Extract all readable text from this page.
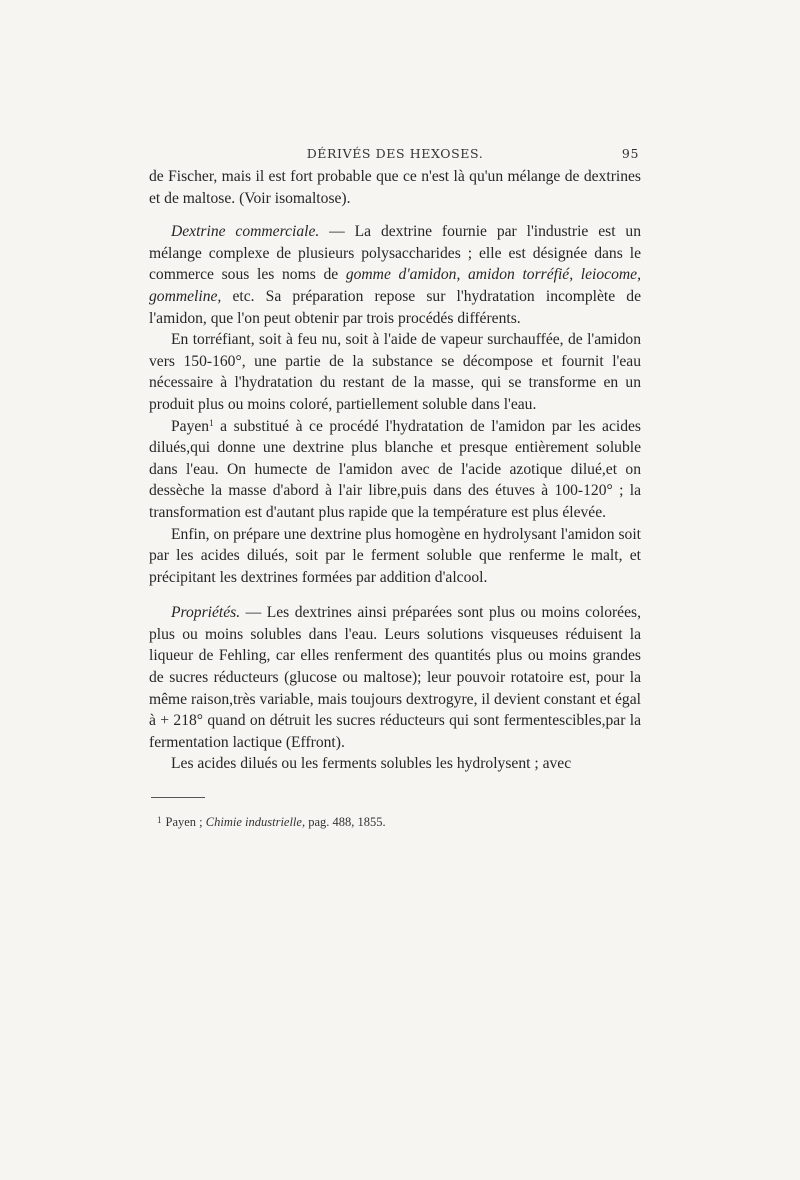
DÉRIVÉS DES HEXOSES.	95

de Fischer, mais il est fort probable que ce n'est là qu'un mélange de dextrines et de maltose. (Voir isomaltose).

Dextrine commerciale. — La dextrine fournie par l'industrie est un mélange complexe de plusieurs polysaccharides ; elle est désignée dans le commerce sous les noms de gomme d'amidon, amidon torréfié, leiocome, gommeline, etc. Sa préparation repose sur l'hydratation incomplète de l'amidon, que l'on peut obtenir par trois procédés différents.

En torréfiant, soit à feu nu, soit à l'aide de vapeur surchauffée, de l'amidon vers 150-160°, une partie de la substance se décompose et fournit l'eau nécessaire à l'hydratation du restant de la masse, qui se transforme en un produit plus ou moins coloré, partiellement soluble dans l'eau.

Payen$^1$ a substitué à ce procédé l'hydratation de l'amidon par les acides dilués,qui donne une dextrine plus blanche et presque entièrement soluble dans l'eau. On humecte de l'amidon avec de l'acide azotique dilué,et on dessèche la masse d'abord à l'air libre,puis dans des étuves à 100-120° ; la transformation est d'autant plus rapide que la température est plus élevée.

Enfin, on prépare une dextrine plus homogène en hydrolysant l'amidon soit par les acides dilués, soit par le ferment soluble que renferme le malt, et précipitant les dextrines formées par addition d'alcool.

Propriétés. — Les dextrines ainsi préparées sont plus ou moins colorées, plus ou moins solubles dans l'eau. Leurs solutions visqueuses réduisent la liqueur de Fehling, car elles renferment des quantités plus ou moins grandes de sucres réducteurs (glucose ou maltose); leur pouvoir rotatoire est, pour la même raison,très variable, mais toujours dextrogyre, il devient constant et égal à + 218° quand on détruit les sucres réducteurs qui sont fermentescibles,par la fermentation lactique (Effront).

Les acides dilués ou les ferments solubles les hydrolysent ; avec

$^1$ Payen ; Chimie industrielle, pag. 488, 1855.
